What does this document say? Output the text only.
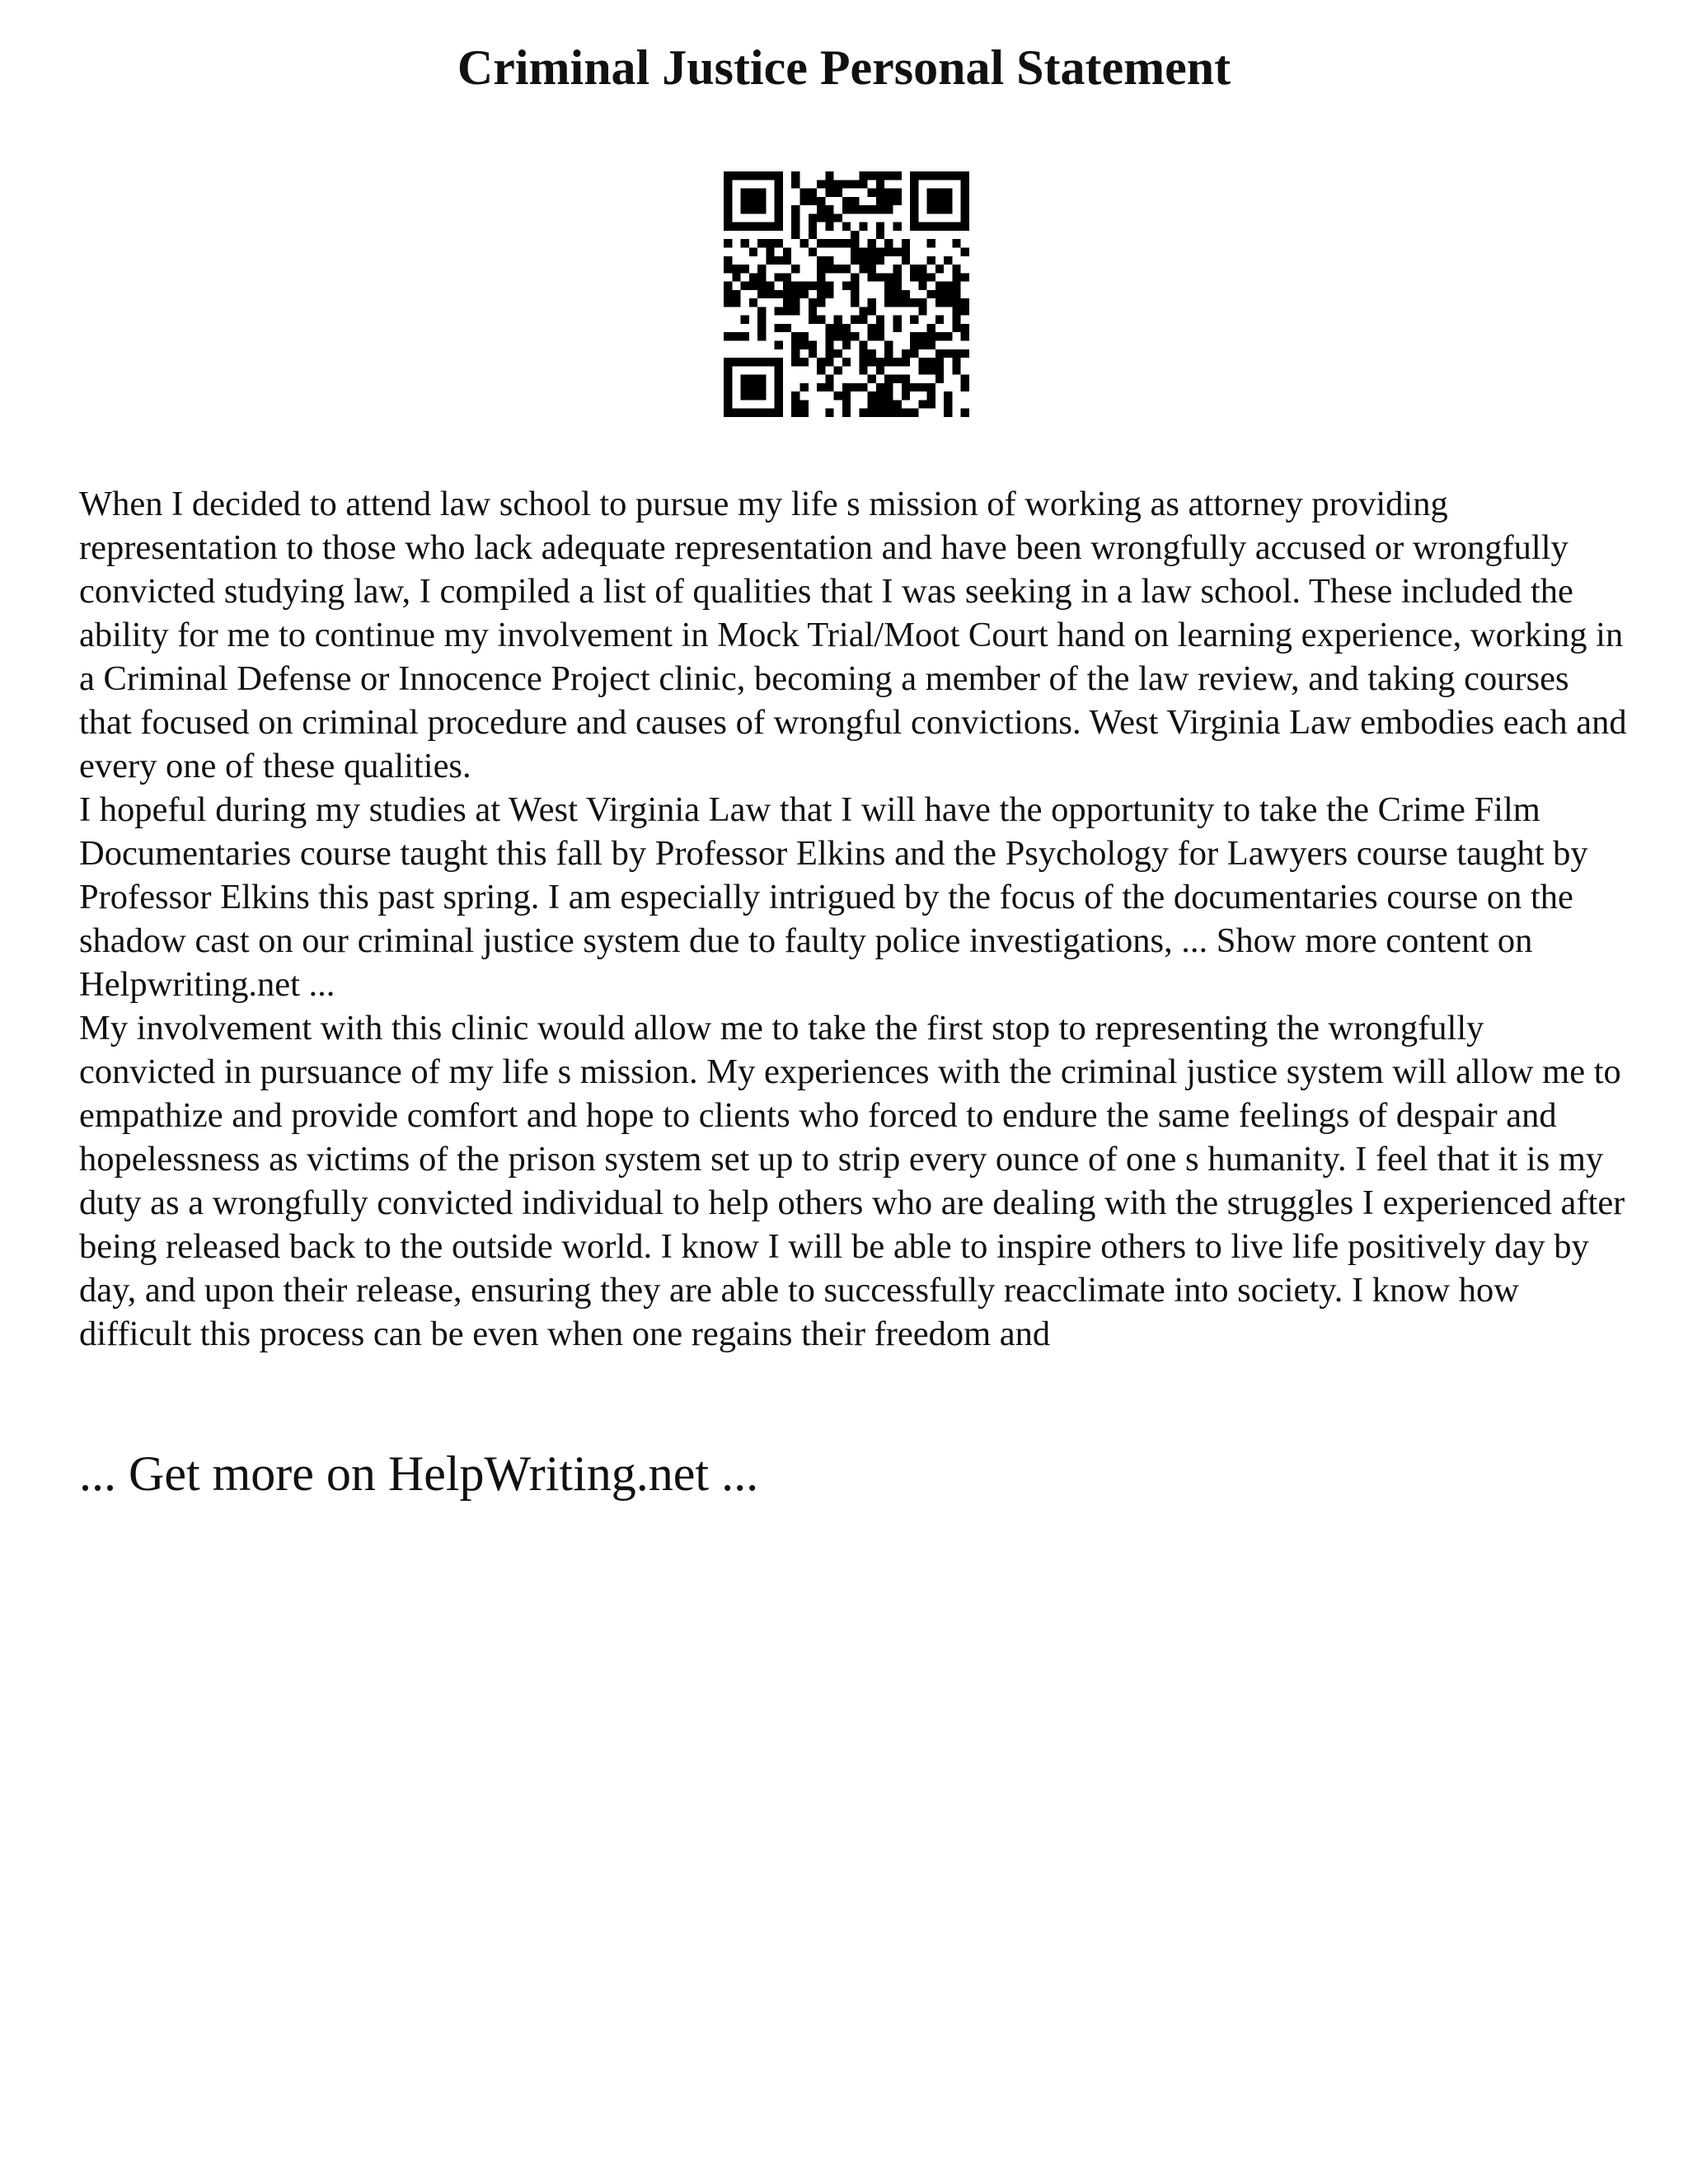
Criminal Justice Personal Statement

When I decided to attend law school to pursue my life s mission of working as attorney providing representation to those who lack adequate representation and have been wrongfully accused or wrongfully convicted studying law, I compiled a list of qualities that I was seeking in a law school. These included the ability for me to continue my involvement in Mock Trial/Moot Court hand on learning experience, working in a Criminal Defense or Innocence Project clinic, becoming a member of the law review, and taking courses that focused on criminal procedure and causes of wrongful convictions. West Virginia Law embodies each and every one of these qualities.

I hopeful during my studies at West Virginia Law that I will have the opportunity to take the Crime Film Documentaries course taught this fall by Professor Elkins and the Psychology for Lawyers course taught by Professor Elkins this past spring. I am especially intrigued by the focus of the documentaries course on the shadow cast on our criminal justice system due to faulty police investigations, ... Show more content on Helpwriting.net ...

My involvement with this clinic would allow me to take the first stop to representing the wrongfully convicted in pursuance of my life s mission. My experiences with the criminal justice system will allow me to empathize and provide comfort and hope to clients who forced to endure the same feelings of despair and hopelessness as victims of the prison system set up to strip every ounce of one s humanity. I feel that it is my duty as a wrongfully convicted individual to help others who are dealing with the struggles I experienced after being released back to the outside world. I know I will be able to inspire others to live life positively day by day, and upon their release, ensuring they are able to successfully reacclimate into society. I know how difficult this process can be even when one regains their freedom and

... Get more on HelpWriting.net ...
